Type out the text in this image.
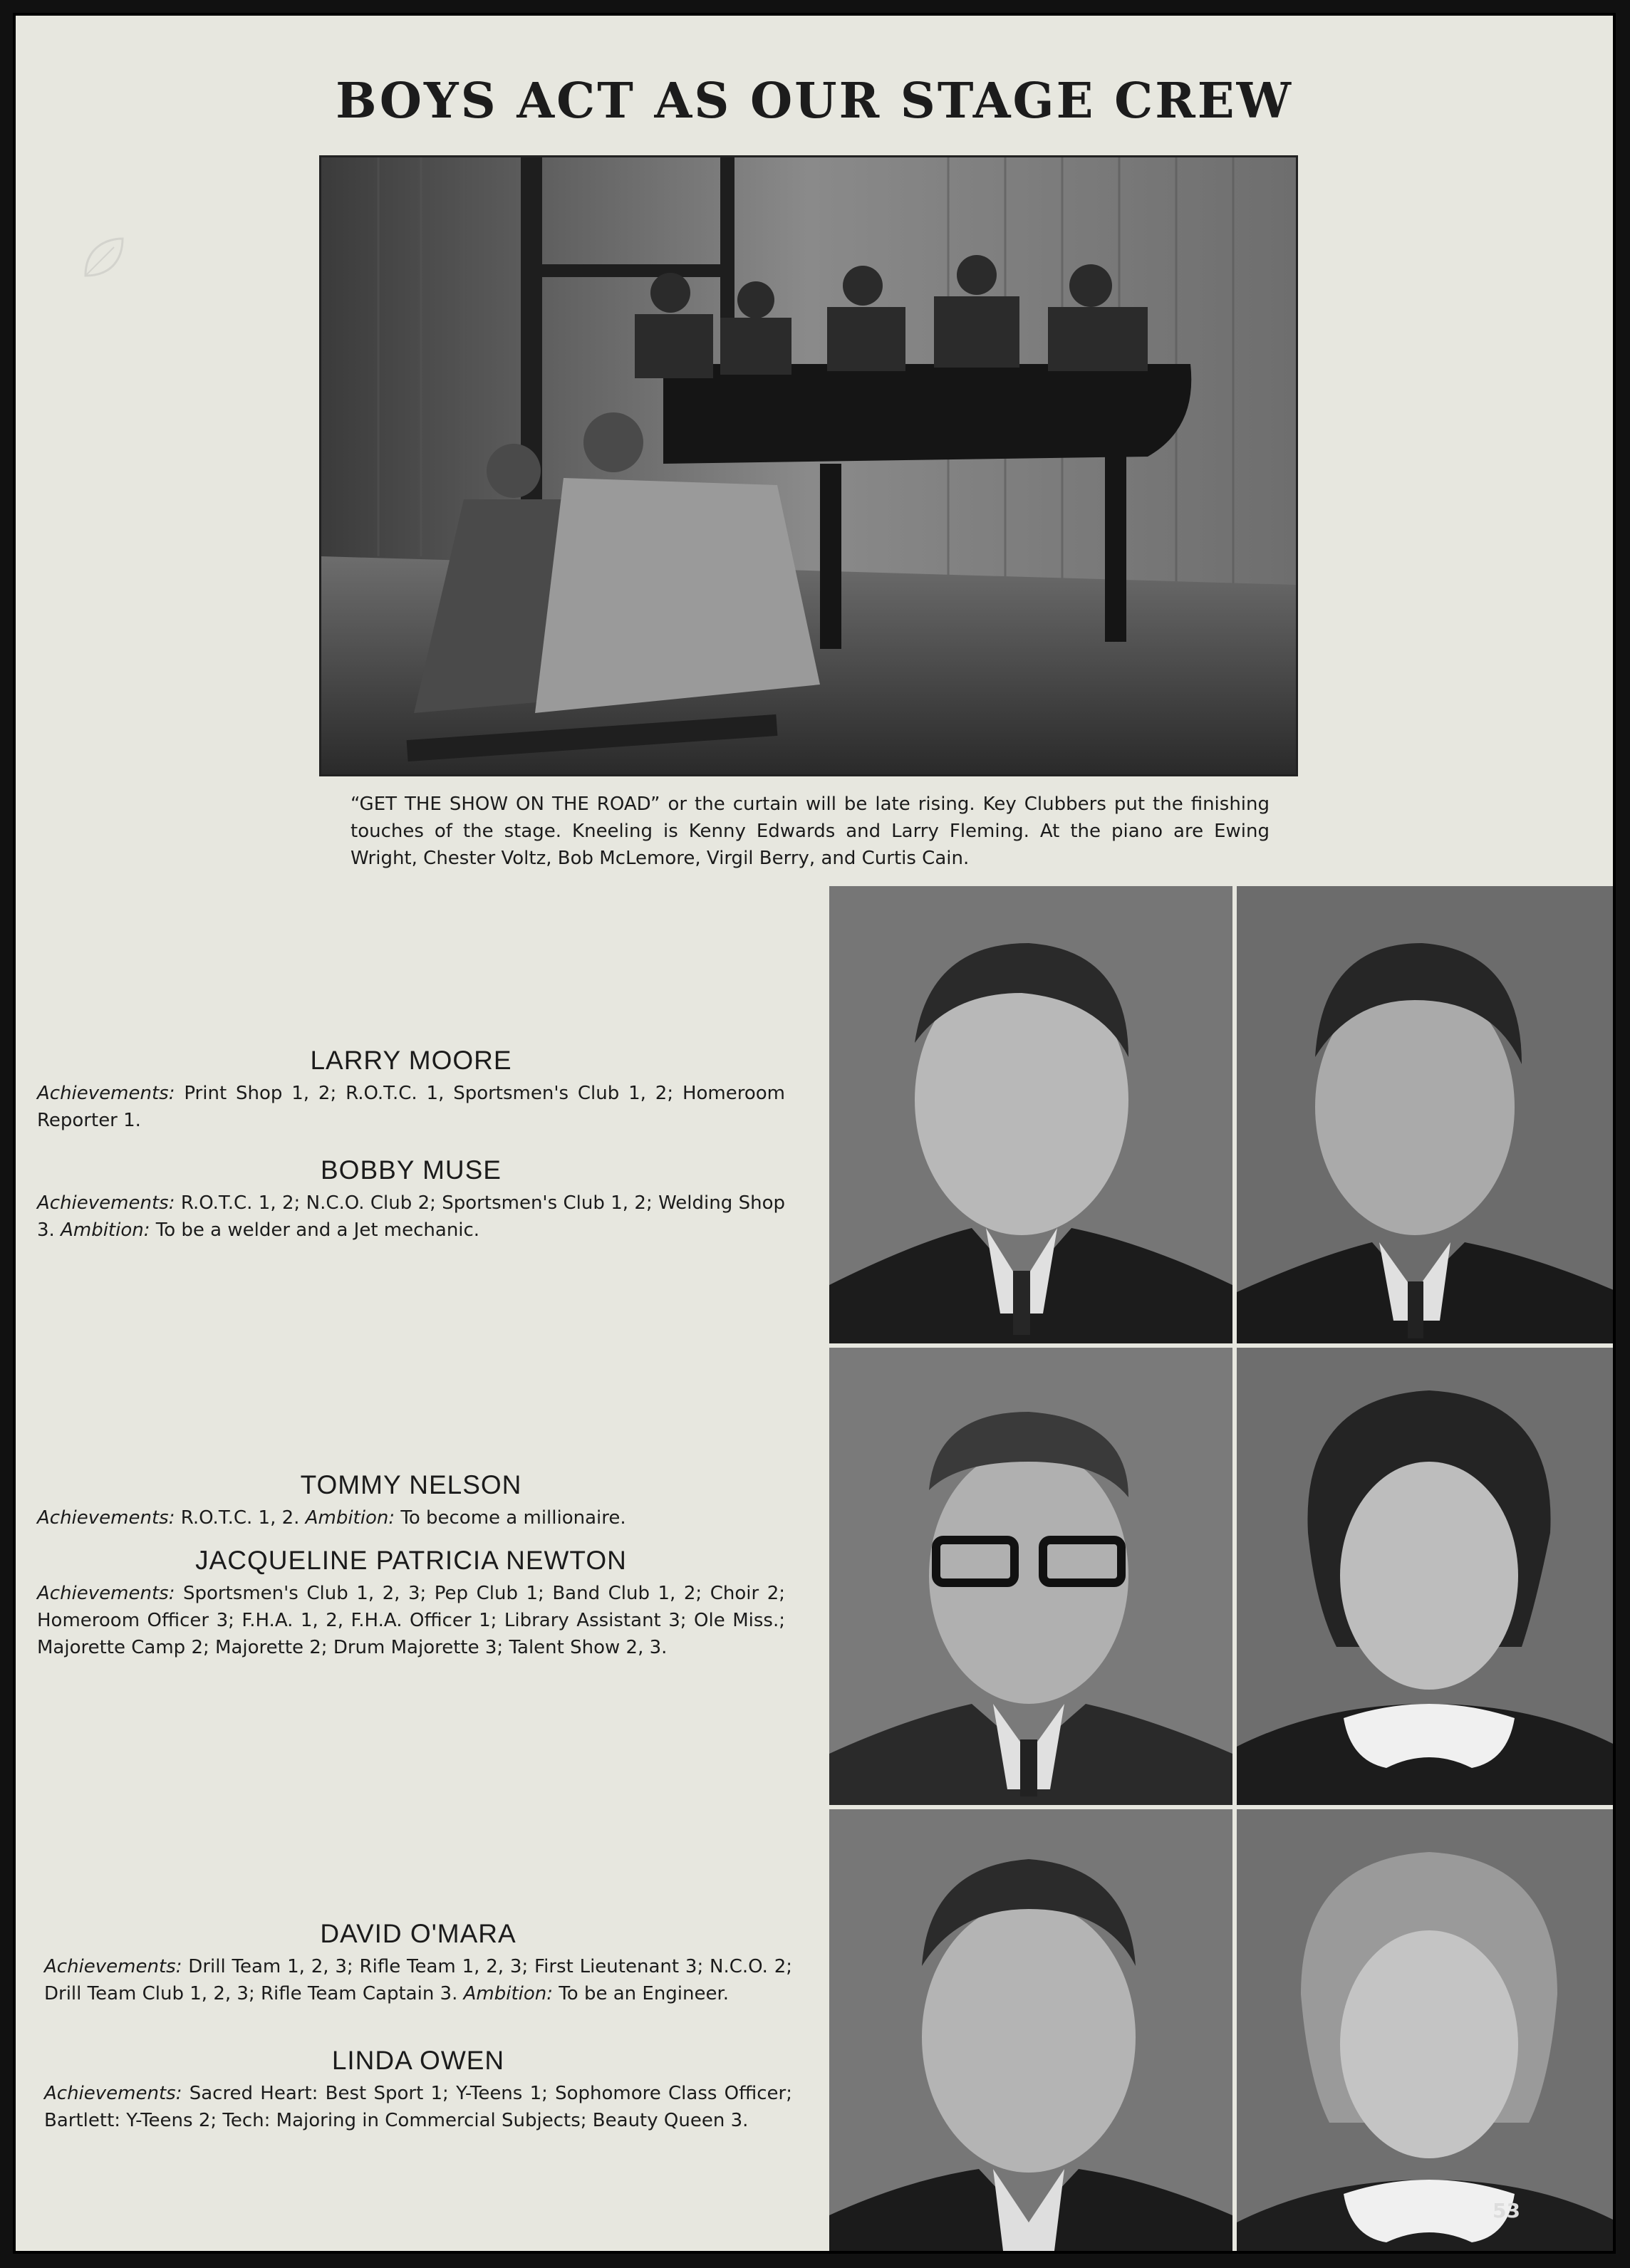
BOYS ACT AS OUR STAGE CREW
“GET THE SHOW ON THE ROAD” or the curtain will be late rising. Key Clubbers put the finishing touches of the stage. Kneeling is Kenny Edwards and Larry Fleming. At the piano are Ewing Wright, Chester Voltz, Bob McLemore, Virgil Berry, and Curtis Cain.
LARRY MOORE
Achievements: Print Shop 1, 2; R.O.T.C. 1, Sportsmen's Club 1, 2; Homeroom Reporter 1.
BOBBY MUSE
Achievements: R.O.T.C. 1, 2; N.C.O. Club 2; Sportsmen's Club 1, 2; Welding Shop 3. Ambition: To be a welder and a Jet mechanic.
TOMMY NELSON
Achievements: R.O.T.C. 1, 2. Ambition: To become a millionaire.
JACQUELINE PATRICIA NEWTON
Achievements: Sportsmen's Club 1, 2, 3; Pep Club 1; Band Club 1, 2; Choir 2; Homeroom Officer 3; F.H.A. 1, 2, F.H.A. Officer 1; Library Assistant 3; Ole Miss.; Majorette Camp 2; Majorette 2; Drum Majorette 3; Talent Show 2, 3.
DAVID O'MARA
Achievements: Drill Team 1, 2, 3; Rifle Team 1, 2, 3; First Lieutenant 3; N.C.O. 2; Drill Team Club 1, 2, 3; Rifle Team Captain 3. Ambition: To be an Engineer.
LINDA OWEN
Achievements: Sacred Heart: Best Sport 1; Y-Teens 1; Sophomore Class Officer; Bartlett: Y-Teens 2; Tech: Majoring in Commercial Subjects; Beauty Queen 3.
53
